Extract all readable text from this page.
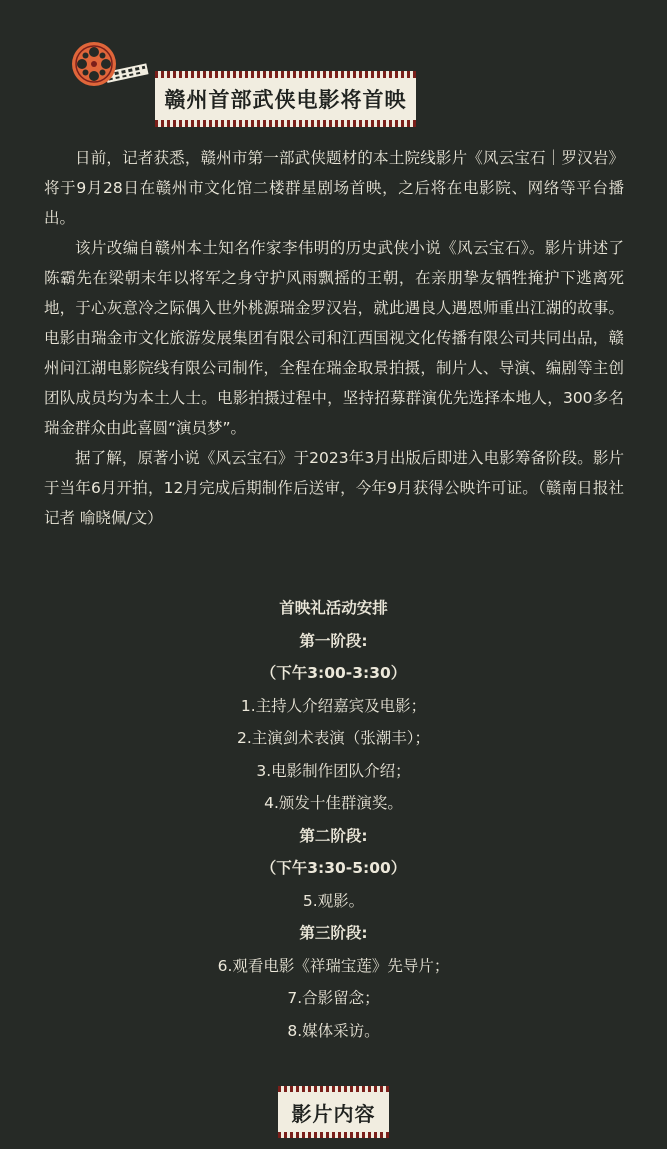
赣州首部武侠电影将首映

日前，记者获悉，赣州市第一部武侠题材的本土院线影片《风云宝石｜罗汉岩》将于9月28日在赣州市文化馆二楼群星剧场首映，之后将在电影院、网络等平台播出。

该片改编自赣州本土知名作家李伟明的历史武侠小说《风云宝石》。影片讲述了陈霸先在梁朝末年以将军之身守护风雨飘摇的王朝，在亲朋挚友牺牲掩护下逃离死地，于心灰意冷之际偶入世外桃源瑞金罗汉岩，就此遇良人遇恩师重出江湖的故事。电影由瑞金市文化旅游发展集团有限公司和江西国视文化传播有限公司共同出品，赣州问江湖电影院线有限公司制作，全程在瑞金取景拍摄，制片人、导演、编剧等主创团队成员均为本土人士。电影拍摄过程中，坚持招募群演优先选择本地人，300多名瑞金群众由此喜圆“演员梦”。

据了解，原著小说《风云宝石》于2023年3月出版后即进入电影筹备阶段。影片于当年6月开拍，12月完成后期制作后送审，今年9月获得公映许可证。（赣南日报社记者 喻晓佩/文）

首映礼活动安排
第一阶段:
（下午3:00-3:30）
1.主持人介绍嘉宾及电影；
2.主演剑术表演（张潮丰）；
3.电影制作团队介绍；
4.颁发十佳群演奖。
第二阶段:
（下午3:30-5:00）
5.观影。
第三阶段:
6.观看电影《祥瑞宝莲》先导片；
7.合影留念；
8.媒体采访。
影片内容
